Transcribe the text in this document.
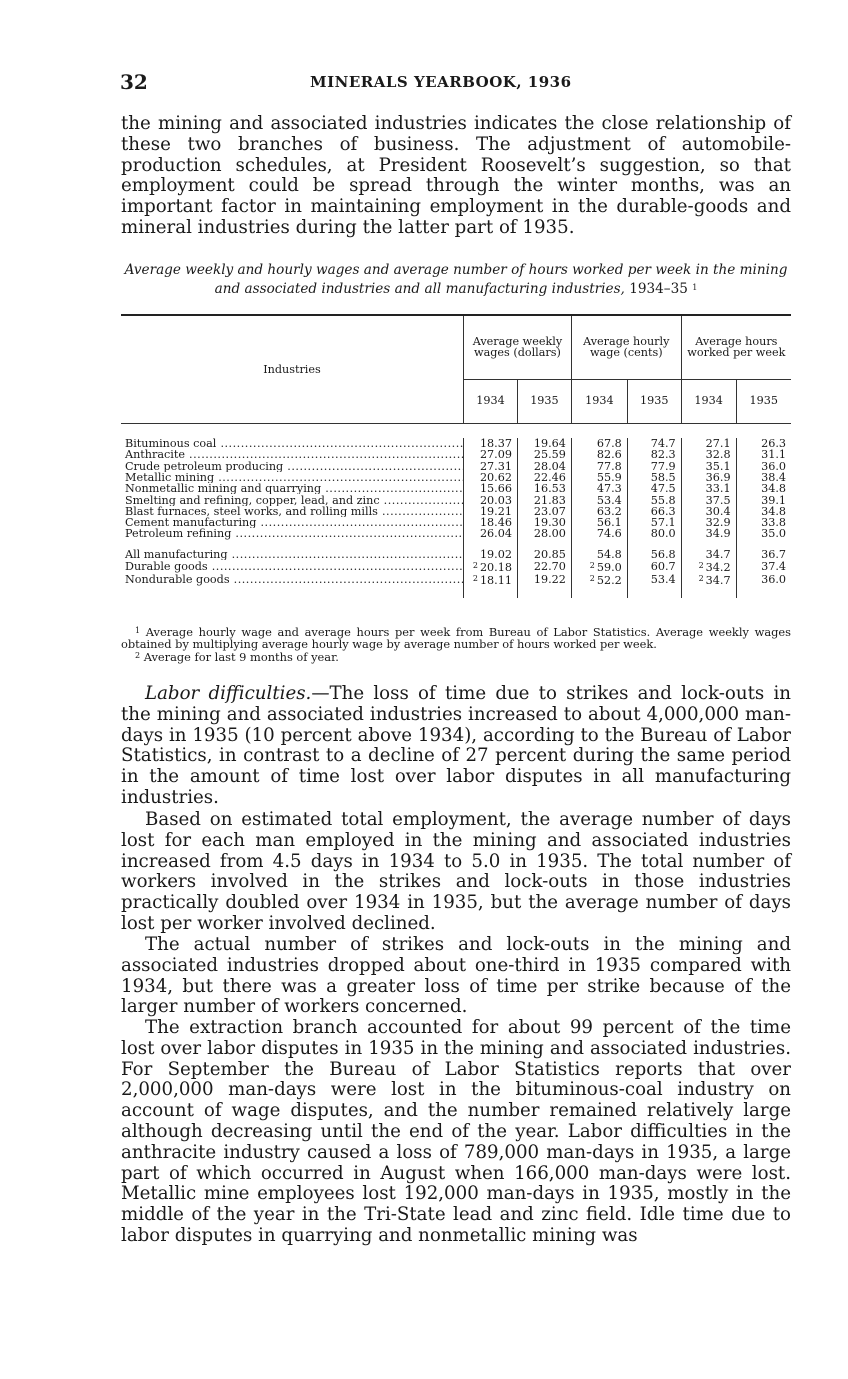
32	MINERALS YEARBOOK, 1936

the mining and associated industries indicates the close relationship of these two branches of business. The adjustment of automobile-production schedules, at President Roosevelt’s suggestion, so that employment could be spread through the winter months, was an important factor in maintaining employment in the durable-goods and mineral industries during the latter part of 1935.

Average weekly and hourly wages and average number of hours worked per week in the mining and associated industries and all manufacturing industries, 1934–35 $^1$

Industries	Average weekly wages (dollars)		Average hourly wage (cents)		Average hours worked per week	
	1934	1935	1934	1935	1934	1935

Bituminous coal .....	18.37	19.64	67.8	74.7	27.1	26.3
Anthracite .....	27.09	25.59	82.6	82.3	32.8	31.1
Crude petroleum producing .....	27.31	28.04	77.8	77.9	35.1	36.0
Metallic mining .....	20.62	22.46	55.9	58.5	36.9	38.4
Nonmetallic mining and quarrying .....	15.66	16.53	47.3	47.5	33.1	34.8
Smelting and refining, copper, lead, and zinc .....	20.03	21.83	53.4	55.8	37.5	39.1
Blast furnaces, steel works, and rolling mills .....	19.21	23.07	63.2	66.3	30.4	34.8
Cement manufacturing .....	18.46	19.30	56.1	57.1	32.9	33.8
Petroleum refining .....	26.04	28.00	74.6	80.0	34.9	35.0

All manufacturing .....	19.02	20.85	54.8	56.8	34.7	36.7
Durable goods .....	$^2$ 20.18	22.70	$^2$ 59.0	60.7	$^2$ 34.2	37.4
Nondurable goods .....	$^2$ 18.11	19.22	$^2$ 52.2	53.4	$^2$ 34.7	36.0

$^1$ Average hourly wage and average hours per week from Bureau of Labor Statistics. Average weekly wages obtained by multiplying average hourly wage by average number of hours worked per week.

$^2$ Average for last 9 months of year.

Labor difficulties.—The loss of time due to strikes and lock-outs in the mining and associated industries increased to about 4,000,000 man-days in 1935 (10 percent above 1934), according to the Bureau of Labor Statistics, in contrast to a decline of 27 percent during the same period in the amount of time lost over labor disputes in all manufacturing industries.

Based on estimated total employment, the average number of days lost for each man employed in the mining and associated industries increased from 4.5 days in 1934 to 5.0 in 1935. The total number of workers involved in the strikes and lock-outs in those industries practically doubled over 1934 in 1935, but the average number of days lost per worker involved declined.

The actual number of strikes and lock-outs in the mining and associated industries dropped about one-third in 1935 compared with 1934, but there was a greater loss of time per strike because of the larger number of workers concerned.

The extraction branch accounted for about 99 percent of the time lost over labor disputes in 1935 in the mining and associated industries. For September the Bureau of Labor Statistics reports that over 2,000,000 man-days were lost in the bituminous-coal industry on account of wage disputes, and the number remained relatively large although decreasing until the end of the year. Labor difficulties in the anthracite industry caused a loss of 789,000 man-days in 1935, a large part of which occurred in August when 166,000 man-days were lost. Metallic mine employees lost 192,000 man-days in 1935, mostly in the middle of the year in the Tri-State lead and zinc field. Idle time due to labor disputes in quarrying and nonmetallic mining was
